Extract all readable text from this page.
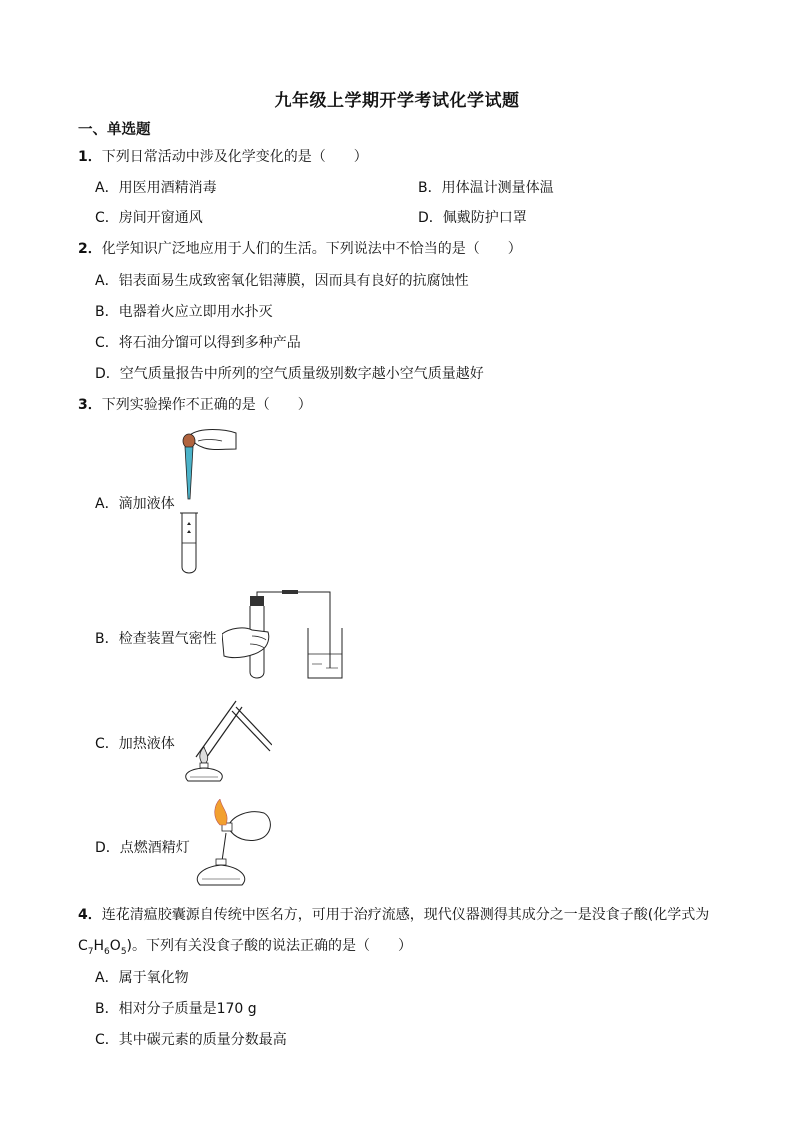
九年级上学期开学考试化学试题
一、单选题
1．下列日常活动中涉及化学变化的是（　　）
A．用医用酒精消毒	B．用体温计测量体温
C．房间开窗通风	D．佩戴防护口罩
2．化学知识广泛地应用于人们的生活。下列说法中不恰当的是（　　）
A．铝表面易生成致密氧化铝薄膜，因而具有良好的抗腐蚀性
B．电器着火应立即用水扑灭
C．将石油分馏可以得到多种产品
D．空气质量报告中所列的空气质量级别数字越小空气质量越好
3．下列实验操作不正确的是（　　）
A．滴加液体
B．检查装置气密性
C．加热液体
D．点燃酒精灯
4．连花清瘟胶囊源自传统中医名方，可用于治疗流感，现代仪器测得其成分之一是没食子酸(化学式为
$C_7H_6O_5$)。下列有关没食子酸的说法正确的是（　　）
A．属于氧化物
B．相对分子质量是170 g
C．其中碳元素的质量分数最高
